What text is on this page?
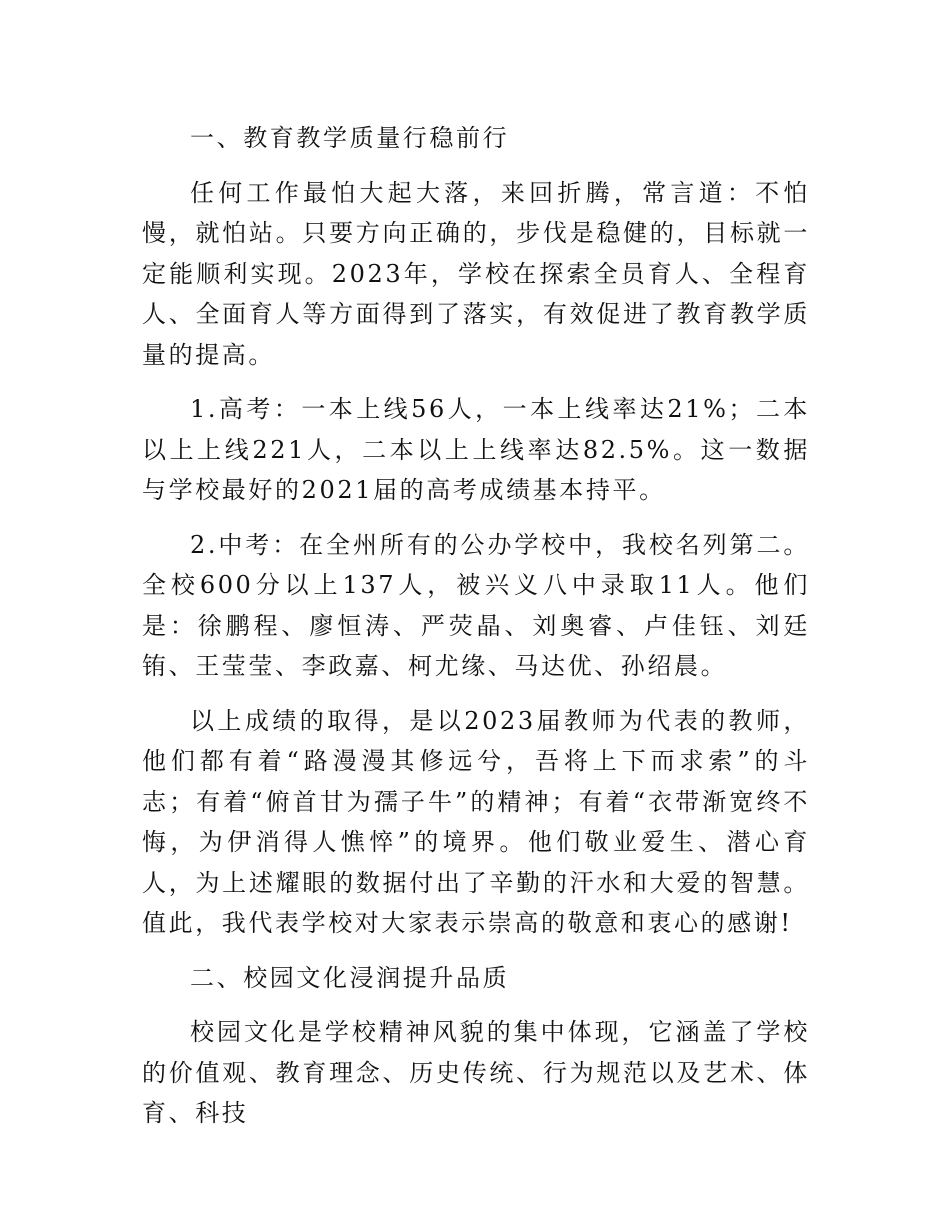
一、教育教学质量行稳前行

任何工作最怕大起大落，来回折腾，常言道：不怕慢，就怕站。只要方向正确的，步伐是稳健的，目标就一定能顺利实现。2023年，学校在探索全员育人、全程育人、全面育人等方面得到了落实，有效促进了教育教学质量的提高。

1.高考：一本上线56人，一本上线率达21%；二本以上上线221人，二本以上上线率达82.5%。这一数据与学校最好的2021届的高考成绩基本持平。

2.中考：在全州所有的公办学校中，我校名列第二。全校600分以上137人，被兴义八中录取11人。他们是：徐鹏程、廖恒涛、严荧晶、刘奥睿、卢佳钰、刘廷铕、王莹莹、李政嘉、柯尤缘、马达优、孙绍晨。

以上成绩的取得，是以2023届教师为代表的教师，他们都有着“路漫漫其修远兮，吾将上下而求索”的斗志；有着“俯首甘为孺子牛”的精神；有着“衣带渐宽终不悔，为伊消得人憔悴”的境界。他们敬业爱生、潜心育人，为上述耀眼的数据付出了辛勤的汗水和大爱的智慧。值此，我代表学校对大家表示崇高的敬意和衷心的感谢!

二、校园文化浸润提升品质

校园文化是学校精神风貌的集中体现，它涵盖了学校的价值观、教育理念、历史传统、行为规范以及艺术、体育、科技
